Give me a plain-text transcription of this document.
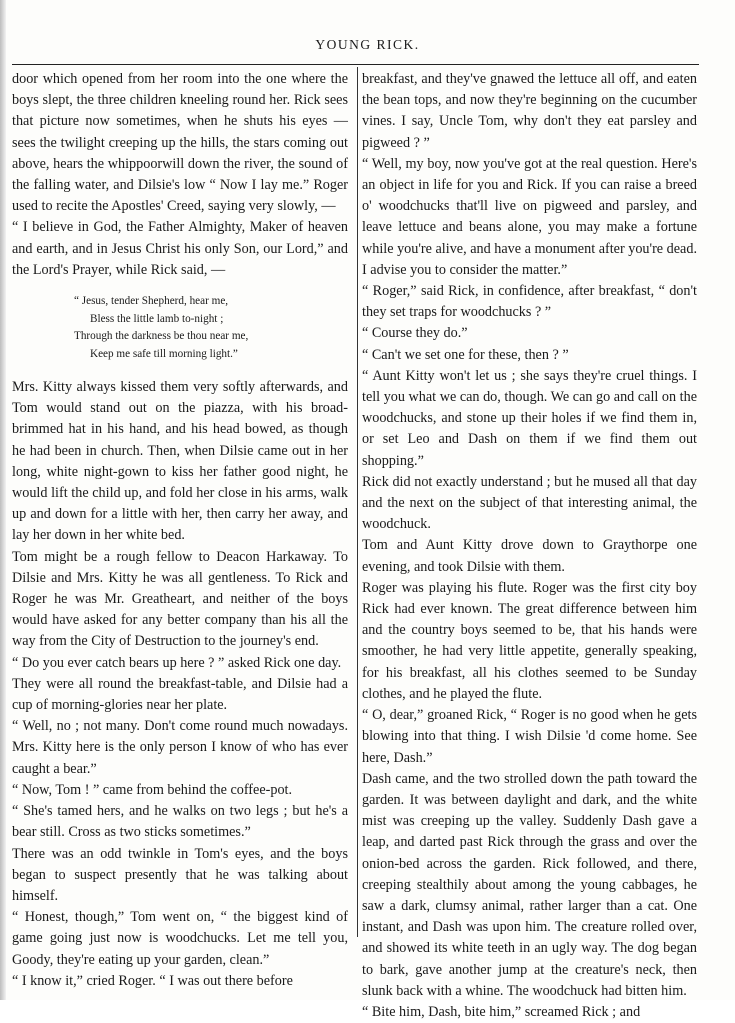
YOUNG RICK.

door which opened from her room into the one where the boys slept, the three children kneeling round her. Rick sees that picture now sometimes, when he shuts his eyes — sees the twilight creeping up the hills, the stars coming out above, hears the whippoorwill down the river, the sound of the falling water, and Dilsie's low “ Now I lay me.” Roger used to recite the Apostles' Creed, saying very slowly, —

“ I believe in God, the Father Almighty, Maker of heaven and earth, and in Jesus Christ his only Son, our Lord,” and the Lord's Prayer, while Rick said, —

“ Jesus, tender Shepherd, hear me,
Bless the little lamb to-night ;
Through the darkness be thou near me,
Keep me safe till morning light.”

Mrs. Kitty always kissed them very softly afterwards, and Tom would stand out on the piazza, with his broad-brimmed hat in his hand, and his head bowed, as though he had been in church. Then, when Dilsie came out in her long, white night-gown to kiss her father good night, he would lift the child up, and fold her close in his arms, walk up and down for a little with her, then carry her away, and lay her down in her white bed.

Tom might be a rough fellow to Deacon Harkaway. To Dilsie and Mrs. Kitty he was all gentleness. To Rick and Roger he was Mr. Greatheart, and neither of the boys would have asked for any better company than his all the way from the City of Destruction to the journey's end.

“ Do you ever catch bears up here ? ” asked Rick one day.

They were all round the breakfast-table, and Dilsie had a cup of morning-glories near her plate.

“ Well, no ; not many. Don't come round much nowadays. Mrs. Kitty here is the only person I know of who has ever caught a bear.”

“ Now, Tom ! ” came from behind the coffee-pot.

“ She's tamed hers, and he walks on two legs ; but he's a bear still. Cross as two sticks sometimes.”

There was an odd twinkle in Tom's eyes, and the boys began to suspect presently that he was talking about himself.

“ Honest, though,” Tom went on, “ the biggest kind of game going just now is woodchucks. Let me tell you, Goody, they're eating up your garden, clean.”

“ I know it,” cried Roger. “ I was out there before

breakfast, and they've gnawed the lettuce all off, and eaten the bean tops, and now they're beginning on the cucumber vines. I say, Uncle Tom, why don't they eat parsley and pigweed ? ”

“ Well, my boy, now you've got at the real question. Here's an object in life for you and Rick. If you can raise a breed o' woodchucks that'll live on pigweed and parsley, and leave lettuce and beans alone, you may make a fortune while you're alive, and have a monument after you're dead. I advise you to consider the matter.”

“ Roger,” said Rick, in confidence, after breakfast, “ don't they set traps for woodchucks ? ”

“ Course they do.”

“ Can't we set one for these, then ? ”

“ Aunt Kitty won't let us ; she says they're cruel things. I tell you what we can do, though. We can go and call on the woodchucks, and stone up their holes if we find them in, or set Leo and Dash on them if we find them out shopping.”

Rick did not exactly understand ; but he mused all that day and the next on the subject of that interesting animal, the woodchuck.

Tom and Aunt Kitty drove down to Graythorpe one evening, and took Dilsie with them.

Roger was playing his flute. Roger was the first city boy Rick had ever known. The great difference between him and the country boys seemed to be, that his hands were smoother, he had very little appetite, generally speaking, for his breakfast, all his clothes seemed to be Sunday clothes, and he played the flute.

“ O, dear,” groaned Rick, “ Roger is no good when he gets blowing into that thing. I wish Dilsie 'd come home. See here, Dash.”

Dash came, and the two strolled down the path toward the garden. It was between daylight and dark, and the white mist was creeping up the valley. Suddenly Dash gave a leap, and darted past Rick through the grass and over the onion-bed across the garden. Rick followed, and there, creeping stealthily about among the young cabbages, he saw a dark, clumsy animal, rather larger than a cat. One instant, and Dash was upon him. The creature rolled over, and showed its white teeth in an ugly way. The dog began to bark, gave another jump at the creature's neck, then slunk back with a whine. The woodchuck had bitten him.

“ Bite him, Dash, bite him,” screamed Rick ; and
